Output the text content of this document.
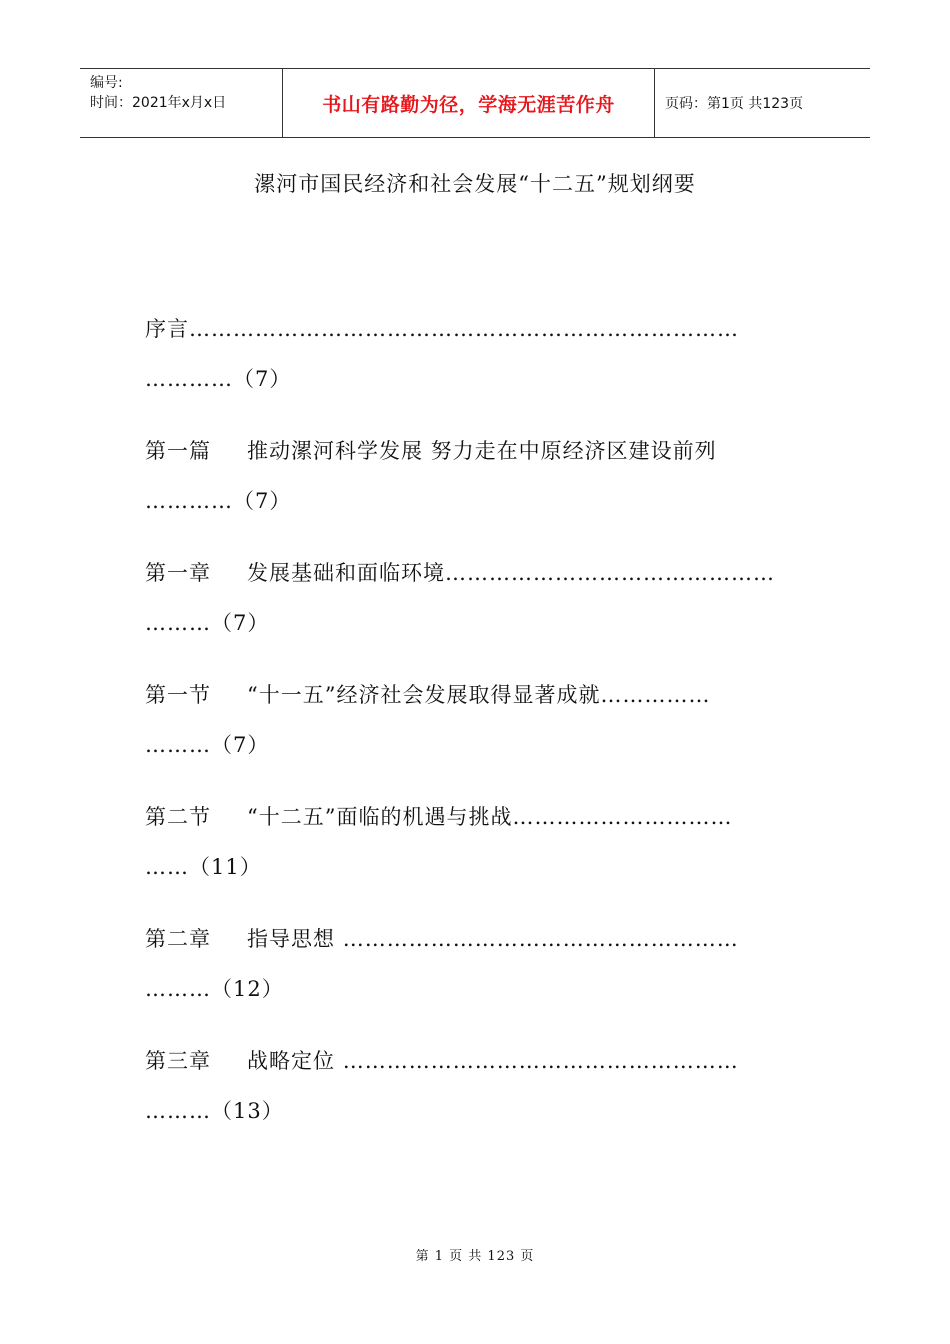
编号:
时间：2021年x月x日	书山有路勤为径，学海无涯苦作舟	页码：第1页 共123页
漯河市国民经济和社会发展“十二五”规划纲要
序言…………………………………………………………………
…………（7）
第一篇 推动漯河科学发展 努力走在中原经济区建设前列
…………（7）
第一章 发展基础和面临环境………………………………………
………（7）
第一节 “十一五”经济社会发展取得显著成就……………
………（7）
第二节 “十二五”面临的机遇与挑战…………………………
……（11）
第二章 指导思想 ………………………………………………
………（12）
第三章 战略定位 ………………………………………………
………（13）
第 1 页 共 123 页
